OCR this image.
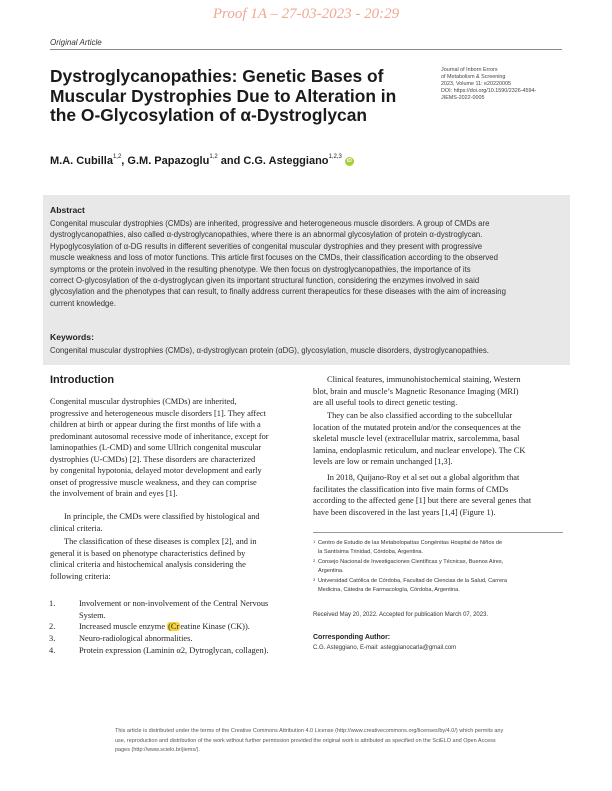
Proof 1A – 27-03-2023 - 20:29
Original Article
Dystroglycanopathies: Genetic Bases of
Muscular Dystrophies Due to Alteration in
the O-Glycosylation of α-Dystroglycan
Journal of Inborn Errors
of Metabolism & Screening
2023, Volume 11: e20220005
DOI: https://doi.org/10.1590/2326-4594-
JIEMS-2022-0005
M.A. Cubilla$^{1,2}$, G.M. Papazoglu$^{1,2}$ and C.G. Asteggiano$^{1,2,3}$iD
Abstract
Congenital muscular dystrophies (CMDs) are inherited, progressive and heterogeneous muscle disorders. A group of CMDs are
dystroglycanopathies, also called α-dystroglycanopathies, where there is an abnormal glycosylation of protein α-dystroglycan.
Hypoglycosylation of α-DG results in different severities of congenital muscular dystrophies and they present with progressive
muscle weakness and loss of motor functions. This article first focuses on the CMDs, their classification according to the observed
symptoms or the protein involved in the resulting phenotype. We then focus on dystroglycanopathies, the importance of its
correct O-glycosylation of the α-dystroglycan given its important structural function, considering the enzymes involved in said
glycosylation and the phenotypes that can result, to finally address current therapeutics for these diseases with the aim of increasing
current knowledge.
Keywords:
Congenital muscular dystrophies (CMDs), α-dystroglycan protein (αDG), glycosylation, muscle disorders, dystroglycanopathies.
Introduction
Congenital muscular dystrophies (CMDs) are inherited,
progressive and heterogeneous muscle disorders [1]. They affect
children at birth or appear during the first months of life with a
predominant autosomal recessive mode of inheritance, except for
laminopathies (L-CMD) and some Ullrich congenital muscular
dystrophies (U-CMDs) [2]. These disorders are characterized
by congenital hypotonia, delayed motor development and early
onset of progressive muscle weakness, and they can comprise
the involvement of brain and eyes [1].
In principle, the CMDs were classified by histological and
clinical criteria.
The classification of these diseases is complex [2], and in
general it is based on phenotype characteristics defined by
clinical criteria and histochemical analysis considering the
following criteria:
1.	Involvement or non-involvement of the Central Nervous
System.
2.	Increased muscle enzyme (Creatine Kinase (CK)).
3.	Neuro-radiological abnormalities.
4.	Protein expression (Laminin α2, Dytroglycan, collagen).
Clinical features, immunohistochemical staining, Western
blot, brain and muscle’s Magnetic Resonance Imaging (MRI)
are all useful tools to direct genetic testing.
They can be also classified according to the subcellular
location of the mutated protein and/or the consequences at the
skeletal muscle level (extracellular matrix, sarcolemma, basal
lamina, endoplasmic reticulum, and nuclear envelope). The CK
levels are low or remain unchanged [1,3].
In 2018, Quijano-Roy et al set out a global algorithm that
facilitates the classification into five main forms of CMDs
according to the affected gene [1] but there are several genes that
have been discovered in the last years [1,4] (Figure 1).
1 Centro de Estudio de las Metabolopatías Congénitas Hospital de Niños de
la Santísima Trinidad, Córdoba, Argentina.
2 Consejo Nacional de Investigaciones Científicas y Técnicas, Buenos Aires,
Argentina.
3 Universidad Católica de Córdoba, Facultad de Ciencias de la Salud, Carrera
Medicina, Cátedra de Farmacología, Córdoba, Argentina.
Received May 20, 2022. Accepted for publication March 07, 2023.
Corresponding Author:
C.G. Asteggiano, E-mail: asteggianocarla@gmail.com
This article is distributed under the terms of the Creative Commons Attribution 4.0 License (http://www.creativecommons.org/licenses/by/4.0/) which permits any
use, reproduction and distribution of the work without further permission provided the original work is attributed as specified on the SciELO and Open Access
pages (http://www.scielo.br/jiems/).
